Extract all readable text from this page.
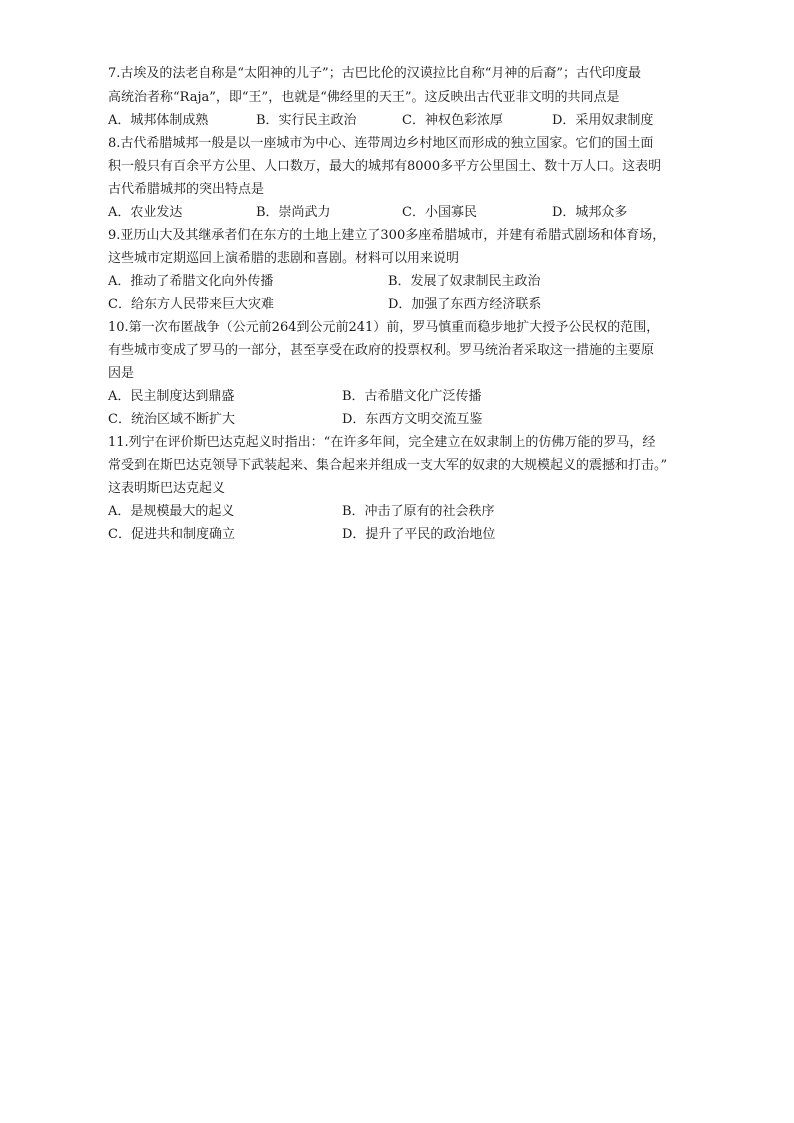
7.古埃及的法老自称是“太阳神的儿子”；古巴比伦的汉谟拉比自称“月神的后裔”；古代印度最
高统治者称“Raja”，即“王”，也就是“佛经里的天王”。这反映出古代亚非文明的共同点是
A．城邦体制成熟	B．实行民主政治	C．神权色彩浓厚	D．采用奴隶制度
8.古代希腊城邦一般是以一座城市为中心、连带周边乡村地区而形成的独立国家。它们的国土面
积一般只有百余平方公里、人口数万，最大的城邦有8000多平方公里国土、数十万人口。这表明
古代希腊城邦的突出特点是
A．农业发达	B．崇尚武力	C．小国寡民	D．城邦众多
9.亚历山大及其继承者们在东方的土地上建立了300多座希腊城市，并建有希腊式剧场和体育场，
这些城市定期巡回上演希腊的悲剧和喜剧。材料可以用来说明
A．推动了希腊文化向外传播	B．发展了奴隶制民主政治
C．给东方人民带来巨大灾难	D．加强了东西方经济联系
10.第一次布匿战争（公元前264到公元前241）前，罗马慎重而稳步地扩大授予公民权的范围，
有些城市变成了罗马的一部分，甚至享受在政府的投票权利。罗马统治者采取这一措施的主要原
因是
A．民主制度达到鼎盛	B．古希腊文化广泛传播
C．统治区域不断扩大	D．东西方文明交流互鉴
11.列宁在评价斯巴达克起义时指出：“在许多年间，完全建立在奴隶制上的仿佛万能的罗马，经
常受到在斯巴达克领导下武装起来、集合起来并组成一支大军的奴隶的大规模起义的震撼和打击。”
这表明斯巴达克起义
A．是规模最大的起义	B．冲击了原有的社会秩序
C．促进共和制度确立	D．提升了平民的政治地位
